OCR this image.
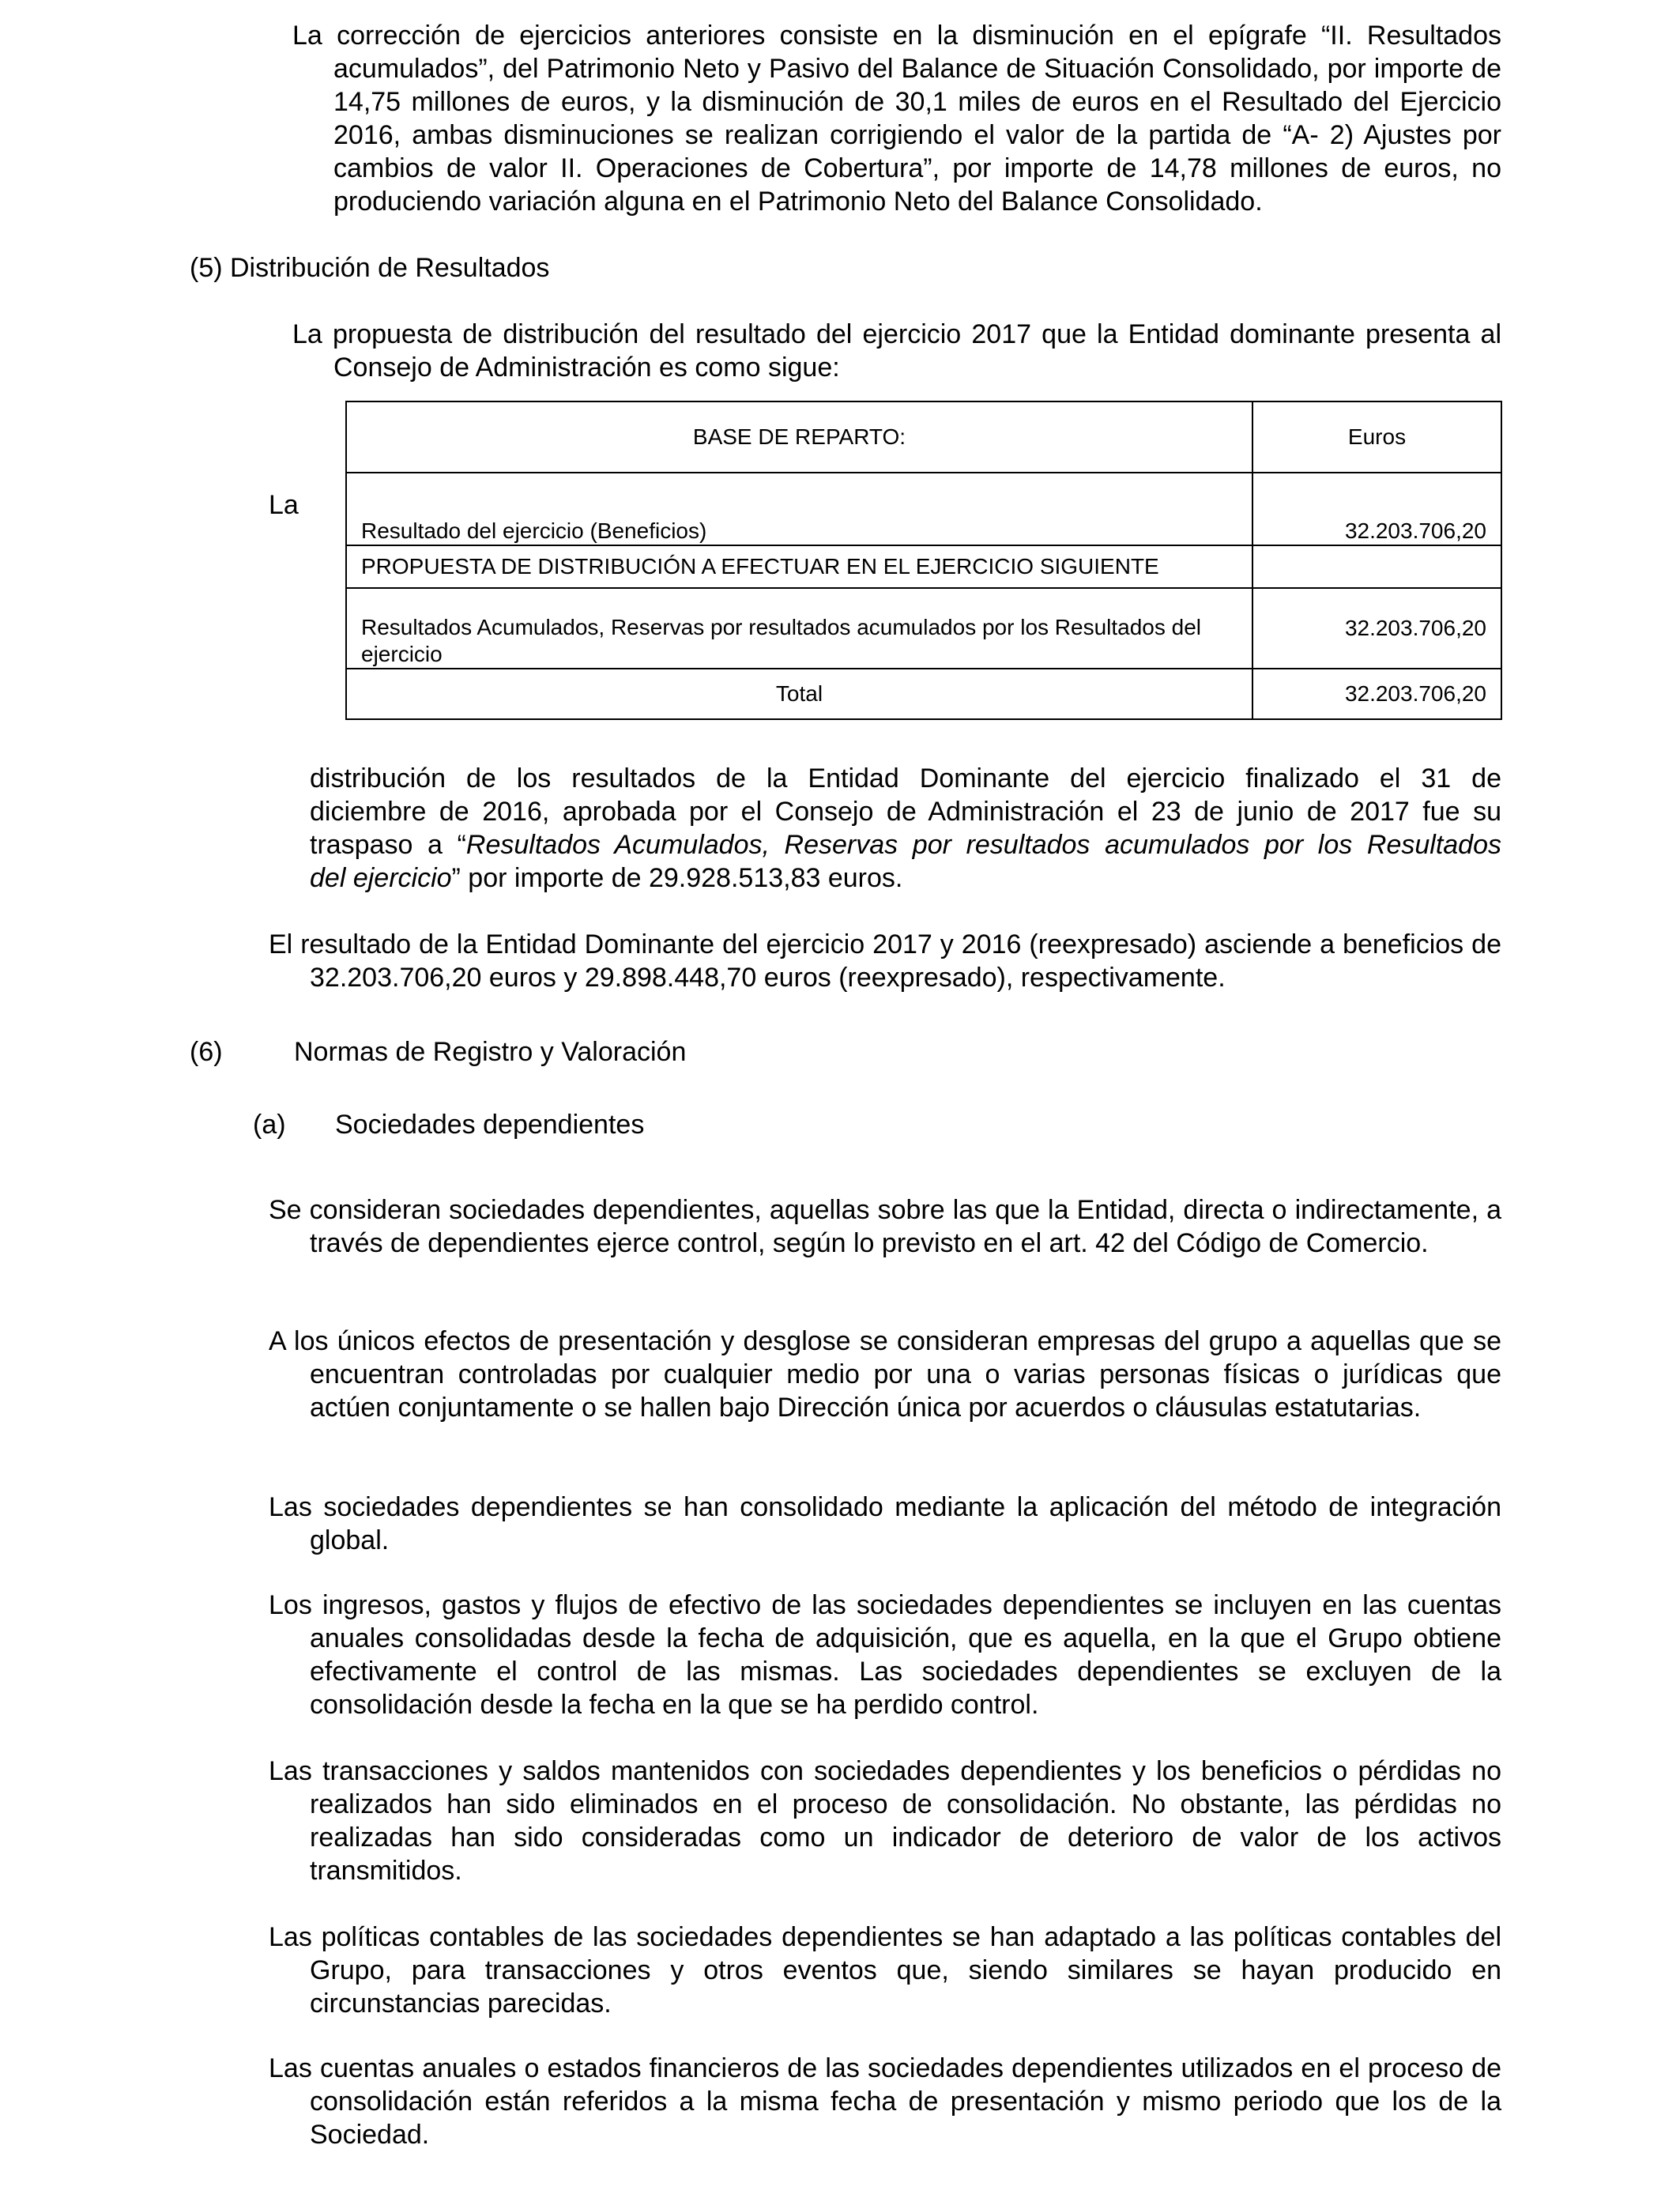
La corrección de ejercicios anteriores consiste en la disminución en el epígrafe “II. Resultados acumulados”, del Patrimonio Neto y Pasivo del Balance de Situación Consolidado, por importe de 14,75 millones de euros, y la disminución de 30,1 miles de euros en el Resultado del Ejercicio 2016, ambas disminuciones se realizan corrigiendo el valor de la partida de “A- 2) Ajustes por cambios de valor II. Operaciones de Cobertura”, por importe de 14,78 millones de euros, no produciendo variación alguna en el Patrimonio Neto del Balance Consolidado.

(5) Distribución de Resultados

La propuesta de distribución del resultado del ejercicio 2017 que la Entidad dominante presenta al Consejo de Administración es como sigue:

La
BASE DE REPARTO:	Euros
Resultado del ejercicio (Beneficios)	32.203.706,20
PROPUESTA DE DISTRIBUCIÓN A EFECTUAR EN EL EJERCICIO SIGUIENTE	
Resultados Acumulados, Reservas por resultados acumulados por los Resultados del ejercicio	32.203.706,20
Total	32.203.706,20

distribución de los resultados de la Entidad Dominante del ejercicio finalizado el 31 de
diciembre de 2016, aprobada por el Consejo de Administración el 23 de junio de 2017 fue su
traspaso a “Resultados Acumulados, Reservas por resultados acumulados por los Resultados
del ejercicio” por importe de 29.928.513,83 euros.

El resultado de la Entidad Dominante del ejercicio 2017 y 2016 (reexpresado) asciende a beneficios de 32.203.706,20 euros y 29.898.448,70 euros (reexpresado), respectivamente.

(6)	Normas de Registro y Valoración
(a) Sociedades dependientes

Se consideran sociedades dependientes, aquellas sobre las que la Entidad, directa o indirectamente, a través de dependientes ejerce control, según lo previsto en el art. 42 del Código de Comercio.

A los únicos efectos de presentación y desglose se consideran empresas del grupo a aquellas que se encuentran controladas por cualquier medio por una o varias personas físicas o jurídicas que actúen conjuntamente o se hallen bajo Dirección única por acuerdos o cláusulas estatutarias.

Las sociedades dependientes se han consolidado mediante la aplicación del método de integración global.

Los ingresos, gastos y flujos de efectivo de las sociedades dependientes se incluyen en las cuentas anuales consolidadas desde la fecha de adquisición, que es aquella, en la que el Grupo obtiene efectivamente el control de las mismas. Las sociedades dependientes se excluyen de la consolidación desde la fecha en la que se ha perdido control.

Las transacciones y saldos mantenidos con sociedades dependientes y los beneficios o pérdidas no realizados han sido eliminados en el proceso de consolidación. No obstante, las pérdidas no realizadas han sido consideradas como un indicador de deterioro de valor de los activos transmitidos.

Las políticas contables de las sociedades dependientes se han adaptado a las políticas contables del Grupo, para transacciones y otros eventos que, siendo similares se hayan producido en circunstancias parecidas.

Las cuentas anuales o estados financieros de las sociedades dependientes utilizados en el proceso de consolidación están referidos a la misma fecha de presentación y mismo periodo que los de la Sociedad.
